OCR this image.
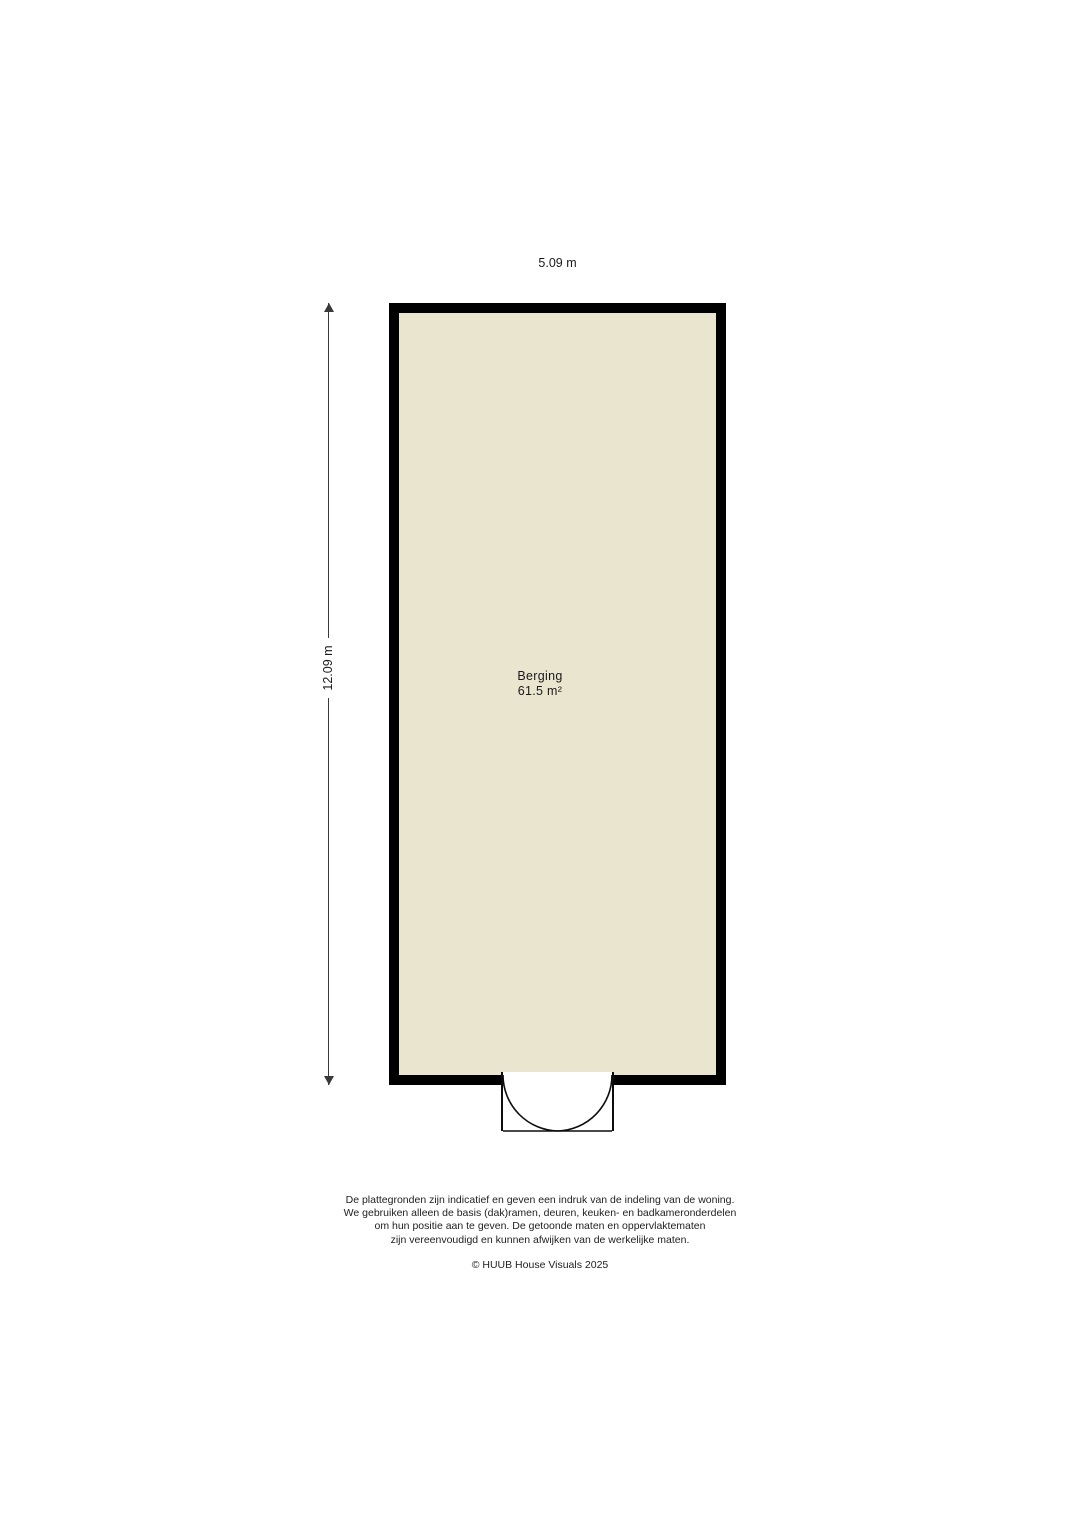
5.09 m
12.09 m	Berging
61.5 m²
De plattegronden zijn indicatief en geven een indruk van de indeling van de woning.
We gebruiken alleen de basis (dak)ramen, deuren, keuken- en badkameronderdelen
om hun positie aan te geven. De getoonde maten en oppervlaktematen
zijn vereenvoudigd en kunnen afwijken van de werkelijke maten.
© HUUB House Visuals 2025
